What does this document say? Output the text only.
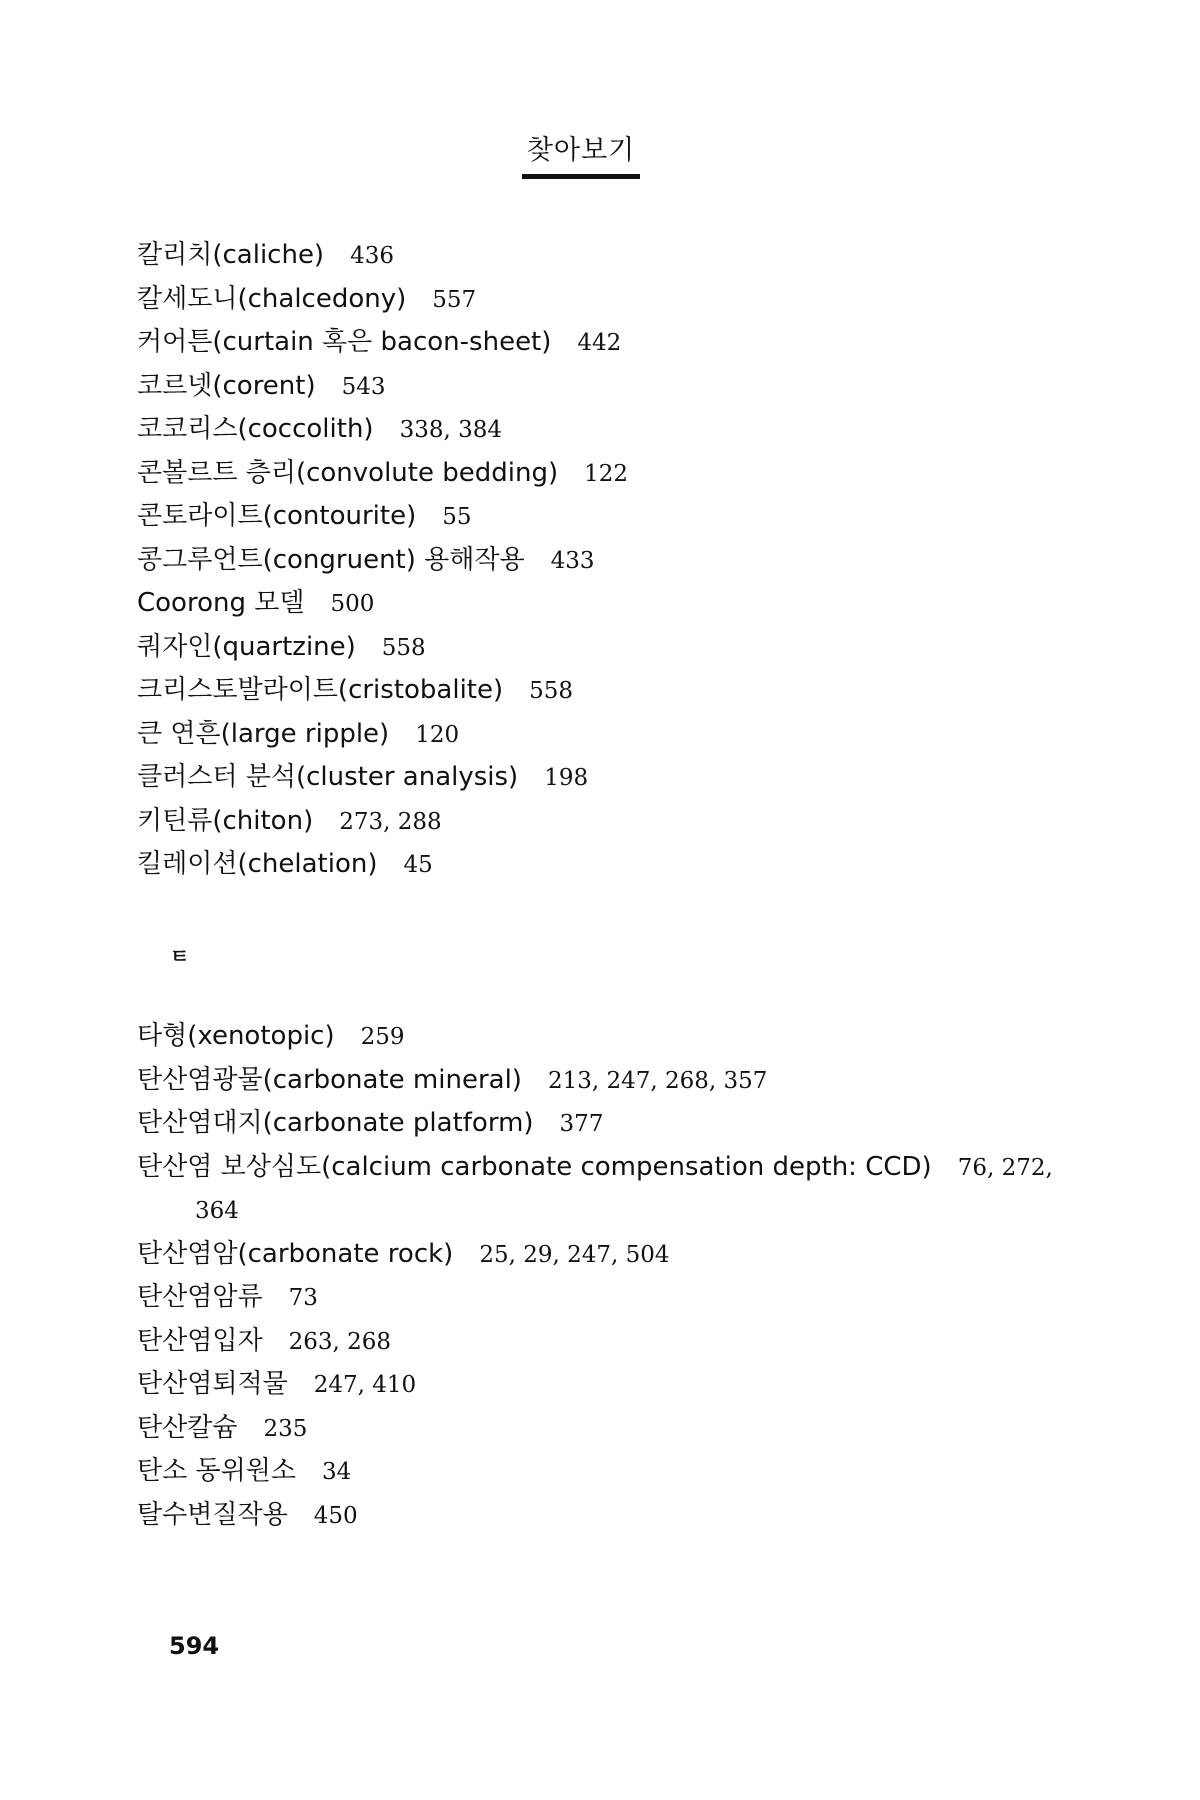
찾아보기
칼리치(caliche) 436
칼세도니(chalcedony) 557
커어튼(curtain 혹은 bacon-sheet) 442
코르넷(corent) 543
코코리스(coccolith) 338, 384
콘볼르트 층리(convolute bedding) 122
콘토라이트(contourite) 55
콩그루언트(congruent) 용해작용 433
Coorong 모델 500
쿼자인(quartzine) 558
크리스토발라이트(cristobalite) 558
큰 연흔(large ripple) 120
클러스터 분석(cluster analysis) 198
키틴류(chiton) 273, 288
킬레이션(chelation) 45
ㅌ
타형(xenotopic) 259
탄산염광물(carbonate mineral) 213, 247, 268, 357
탄산염대지(carbonate platform) 377
탄산염 보상심도(calcium carbonate compensation depth: CCD) 76, 272,
364
탄산염암(carbonate rock) 25, 29, 247, 504
탄산염암류 73
탄산염입자 263, 268
탄산염퇴적물 247, 410
탄산칼슘 235
탄소 동위원소 34
탈수변질작용 450
594
